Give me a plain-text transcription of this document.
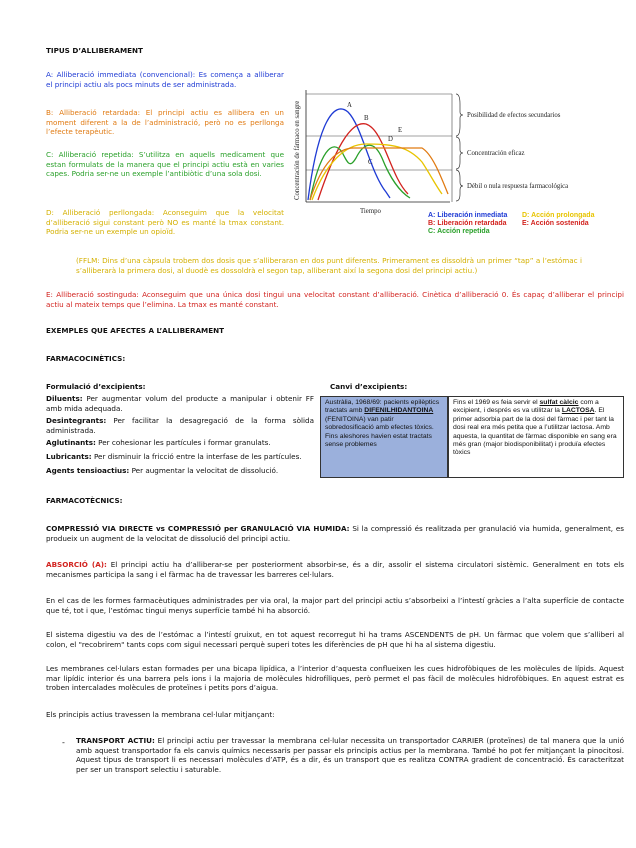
TIPUS D’ALLIBERAMENT

A: Alliberació immediata (convencional): Es comença a alliberar el principi actiu als pocs minuts de ser administrada.

B: Alliberació retardada: El principi actiu es allibera en un moment diferent a la de l’administració, però no es perllonga l’efecte terapèutic.

C: Alliberació repetida: S’utilitza en aquells medicament que estan formulats de la manera que el principi actiu està en varies capes. Podria ser-ne un exemple l’antibiòtic d’una sola dosi.

D: Alliberació perllongada: Aconseguim que la velocitat d’alliberació sigui constant però NO es manté la tmax constant. Podria ser-ne un exemple un opioïd.

Concentración de fármaco en sangre	A
B
C
D
E
Tiempo
Posibilidad de efectos secundarios
Concentración eficaz
Débil o nula respuesta farmacológica
A: Liberación inmediata
B: Liberación retardada
C: Acción repetida
D: Acción prolongada
E: Acción sostenida

(FFLM: Dins d’una càpsula trobem dos dosis que s’alliberaran en dos punt diferents. Primerament es dissoldrà un primer “tap” a l’estómac i s’alliberarà la primera dosi, al duodè es dossoldrà el segon tap, alliberant així la segona dosi del principi actiu.)

E: Alliberació sostinguda: Aconseguim que una única dosi tingui una velocitat constant d’alliberació. Cinètica d’alliberació 0. És capaç d’alliberar el principi actiu al mateix temps que l’elimina. La tmax es manté constant.

EXEMPLES QUE AFECTES A L’ALLIBERAMENT
FARMACOCINÈTICS:
Formulació d’excipients:	Canvi d’excipients:

Diluents: Per augmentar volum del producte a manipular i obtenir FF amb mida adequada.

Desintegrants: Per facilitar la desagregació de la forma sòlida administrada.

Aglutinants: Per cohesionar les partícules i formar granulats.

Lubricants: Per disminuir la fricció entre la interfase de les partícules.

Agents tensioactius: Per augmentar la velocitat de dissolució.

Austràlia, 1968/69: pacients epilèptics tractats amb DIFENILHIDANTOINA (FENITOINA) van patir sobredosificació amb efectes tòxics. Fins aleshores havien estat tractats sense problemes
Fins el 1969 es feia servir el sulfat càlcic com a excipient, i després es va utilitzar la LACTOSA. El primer adsorbia part de la dosi del fàrmac i per tant la dosi real era més petita que a l’utilitzar lactosa. Amb aquesta, la quantitat de fàrmac disponible en sang era més gran (major biodisponibilitat) i produïa efectes tòxics
FARMACOTÈCNICS:

COMPRESSIÓ VIA DIRECTE vs COMPRESSIÓ per GRANULACIÓ VIA HUMIDA: Si la compressió és realitzada per granulació via humida, generalment, es produeix un augment de la velocitat de dissolució del principi actiu.

ABSORCIÓ (A): El principi actiu ha d’alliberar-se per posteriorment absorbir-se, és a dir, assolir el sistema circulatori sistèmic. Generalment en tots els mecanismes participa la sang i el fàrmac ha de travessar les barreres cel·lulars.

En el cas de les formes farmacèutiques administrades per via oral, la major part del principi actiu s’absorbeixi a l’intestí gràcies a l’alta superfície de contacte que té, tot i que, l’estómac tingui menys superfície també hi ha absorció.

El sistema digestiu va des de l’estómac a l’intestí gruixut, en tot aquest recorregut hi ha trams ASCENDENTS de pH. Un fàrmac que volem que s’alliberi al colon, el "recobrirem" tants cops com sigui necessari perquè superi totes les diferències de pH que hi ha al sistema digestiu.

Les membranes cel·lulars estan formades per una bicapa lipídica, a l’interior d’aquesta conflueixen les cues hidrofòbiques de les molècules de lípids. Aquest mar lipídic interior és una barrera pels ions i la majoria de molècules hidrofíliques, però permet el pas fàcil de molècules hidrofòbiques. En aquest estrat es troben intercalades molècules de proteïnes i petits pors d’aigua.

Els principis actius travessen la membrana cel·lular mitjançant:

- TRANSPORT ACTIU: El principi actiu per travessar la membrana cel·lular necessita un transportador CARRIER (proteïnes) de tal manera que la unió amb aquest transportador fa els canvis químics necessaris per passar els principis actius per la membrana. També ho pot fer mitjançant la pinocitosi. Aquest tipus de transport li es necessari molècules d’ATP, és a dir, és un transport que es realitza CONTRA gradient de concentració. És caracteritzat per ser un transport selectiu i saturable.
